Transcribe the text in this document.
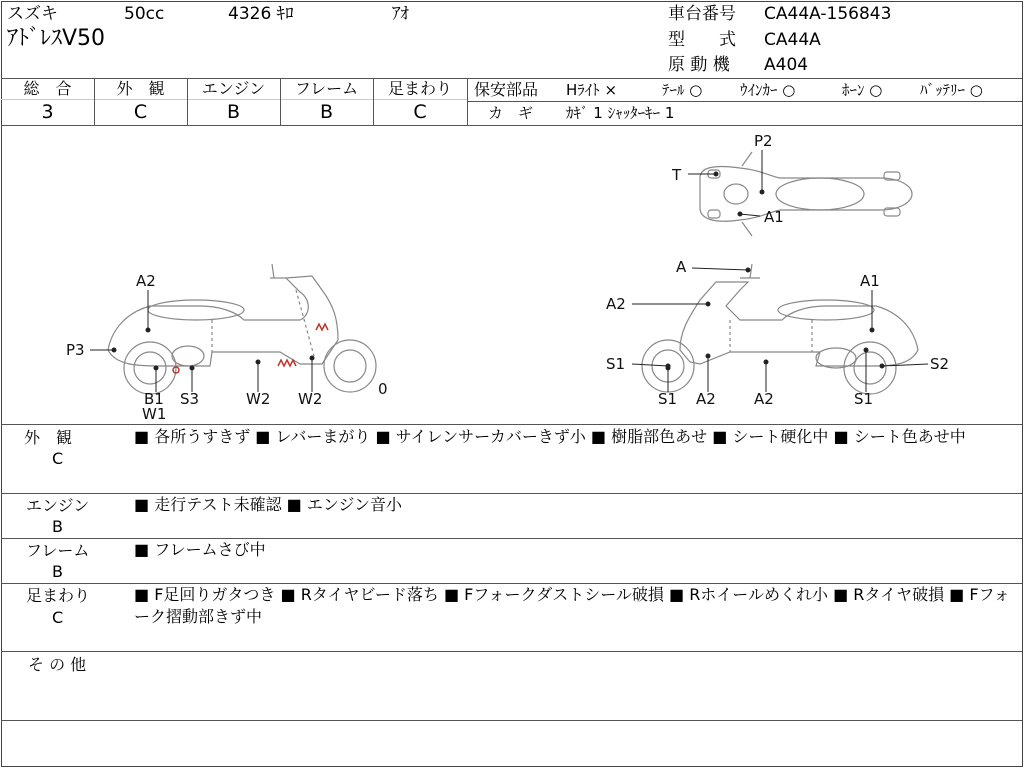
スズキ	50cc	4326 ｷﾛ	ｱｵ
ｱﾄﾞﾚｽV50
車台番号 CA44A-156843
型　　式 CA44A
原 動 機 A404
総　合
3
外　観
C
エンジン
B
フレーム
B
足まわり
C
保安部品 Hﾗｲﾄ ×	ﾃｰﾙ ○	ｳｲﾝｶｰ ○	ﾎｰﾝ ○	ﾊﾞｯﾃﾘｰ ○
カ　ギ ｶｷﾞ 1 ｼｬｯﾀｰｷｰ 1
P2
T
A1
A2
P3
B1
W1
S3	W2 W2
0
A
A2
A1
S1	S2
S1 A2	A2	S1
外　観
C
■ 各所うすきず ■ レバーまがり ■ サイレンサーカバーきず小 ■ 樹脂部色あせ ■ シート硬化中 ■ シート色あせ中
エンジン
B
■ 走行テスト未確認 ■ エンジン音小
フレーム
B
■ フレームさび中
足まわり
C
■ F足回りガタつき ■ Rタイヤビード落ち ■ Fフォークダストシール破損 ■ Rホイールめくれ小 ■ Rタイヤ破損 ■ Fフォーク摺動部きず中
そ の 他
